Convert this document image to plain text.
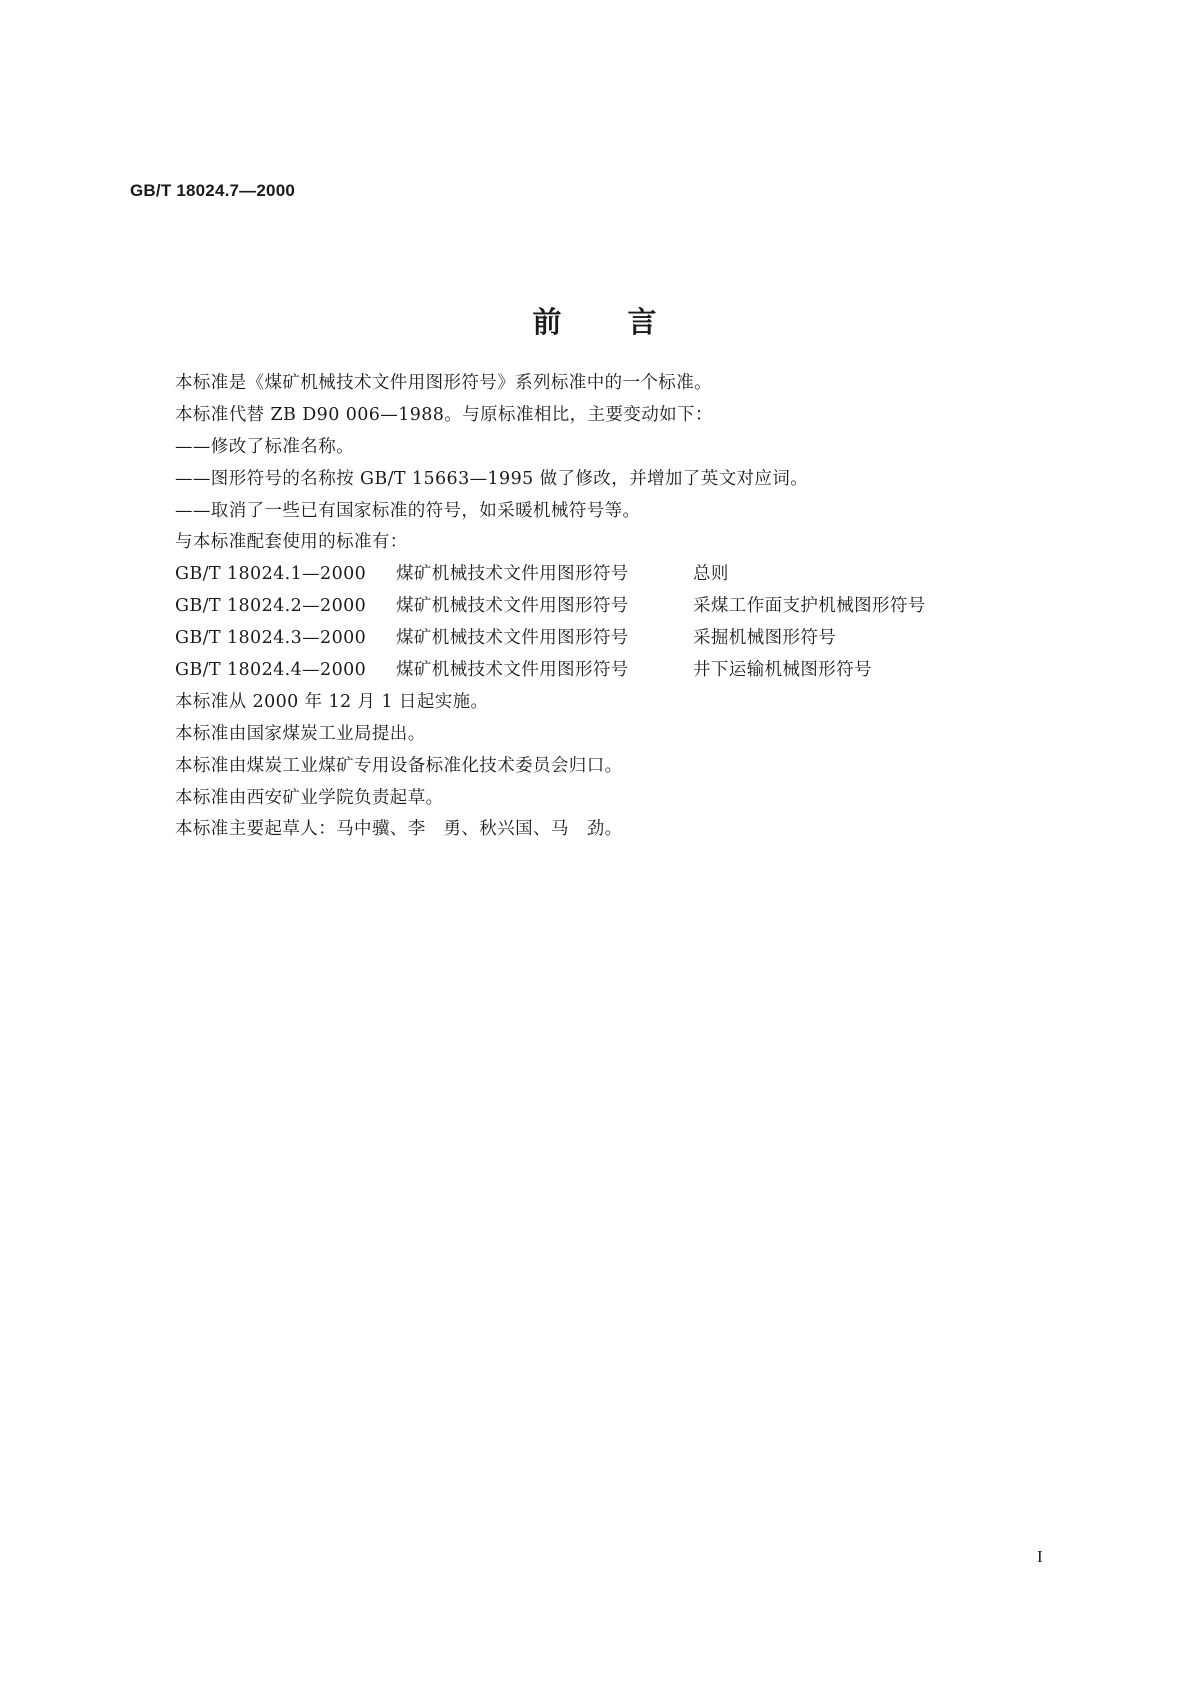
GB/T 18024.7—2000
前 言
本标准是《煤矿机械技术文件用图形符号》系列标准中的一个标准。
本标准代替 ZB D90 006—1988。与原标准相比，主要变动如下：
——修改了标准名称。
——图形符号的名称按 GB/T 15663—1995 做了修改，并增加了英文对应词。
——取消了一些已有国家标准的符号，如采暖机械符号等。
与本标准配套使用的标准有：
GB/T 18024.1—2000	煤矿机械技术文件用图形符号	总则
GB/T 18024.2—2000	煤矿机械技术文件用图形符号	采煤工作面支护机械图形符号
GB/T 18024.3—2000	煤矿机械技术文件用图形符号	采掘机械图形符号
GB/T 18024.4—2000	煤矿机械技术文件用图形符号	井下运输机械图形符号
本标准从 2000 年 12 月 1 日起实施。
本标准由国家煤炭工业局提出。
本标准由煤炭工业煤矿专用设备标准化技术委员会归口。
本标准由西安矿业学院负责起草。
本标准主要起草人：马中骥、李　勇、秋兴国、马　劲。
I
